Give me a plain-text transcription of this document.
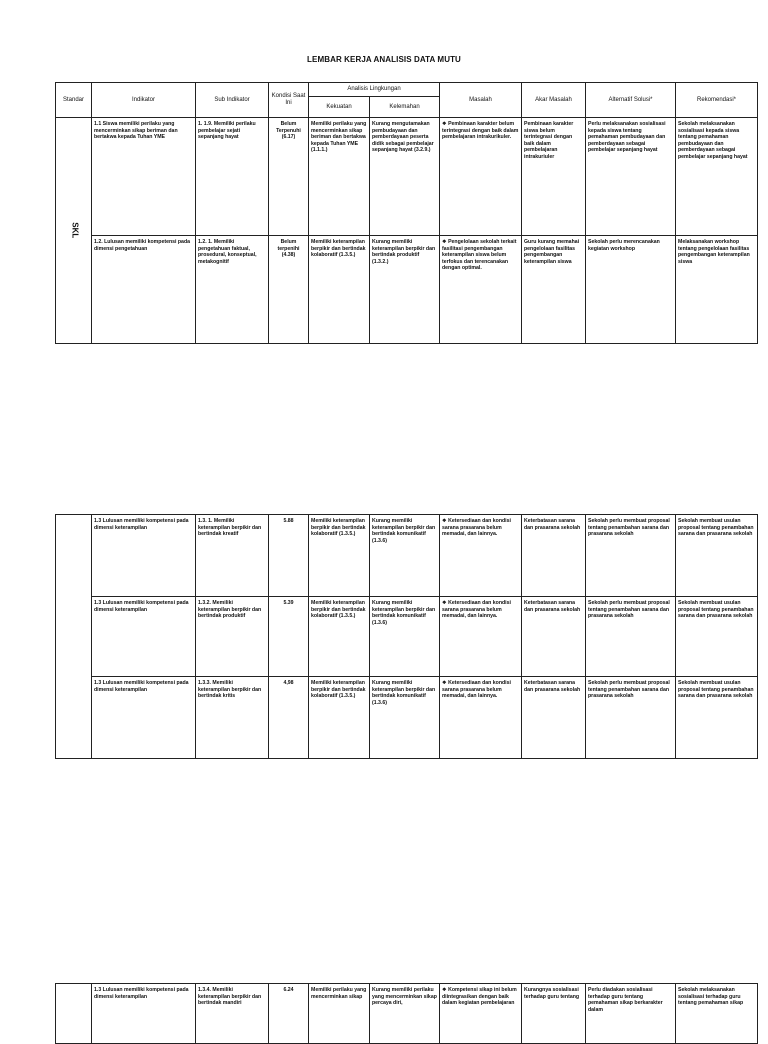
LEMBAR KERJA ANALISIS DATA MUTU
Standar	Indikator	Sub Indikator	Kondisi Saat Ini	Analisis Lingkungan		Masalah	Akar Masalah	Alternatif Solusi*	Rekomendasi*
				Kekuatan	Kelemahan				
SKL	1.1 Siswa memiliki perilaku yang mencerminkan sikap beriman dan bertakwa kepada Tuhan YME	1. 1.9. Memiliki perilaku pembelajar sejati sepanjang hayat	Belum Terpenuhi (6.17)	Memiliki perilaku yang mencerminkan sikap beriman dan bertakwa kepada Tuhan YME (1.1.1.)	Kurang mengutamakan pembudayaan dan pemberdayaan peserta didik sebagai pembelajar sepanjang hayat (3.2.9.)	❖ Pembinaan karakter belum terintegrasi dengan baik dalam pembelajaran intrakurikuler.	Pembinaan karakter siswa belum terintegrasi dengan baik dalam pembelajaran intrakuriuler	Perlu melaksanakan sosialisasi kepada siswa tentang pemahaman pembudayaan dan pemberdayaan sebagai pembelajar sepanjang hayat	Sekolah melaksanakan sosialisasi kepada siswa tentang pemahaman pembudayaan dan pemberdayaan sebagai pembelajar sepanjang hayat
	1.2. Lulusan memiliki kompetensi pada dimensi pengetahuan	1.2. 1. Memiliki pengetahuan faktual, prosedural, konseptual, metakognitif	Belum terpenihi (4.38)	Memiliki keterampilan berpikir dan bertindak kolaboratif (1.3.5.)	Kurang memiliki keterampilan berpikir dan bertindak produktif (1.3.2.)	❖ Pengelolaan sekolah terkait fasilitasi pengembangan keterampilan siswa belum terfokus dan terencanakan dengan optimal.	Guru kurang memahai pengelolaan fasilitas pengembangan keterampilan siswa	Sekolah perlu merencanakan kegiatan workshop	Melaksanakan workshop tentang pengelolaan fasilitas pengembangan keterampilan siswa
	1.3 Lulusan memiliki kompetensi pada dimensi keterampilan	1.3. 1. Memiliki keterampilan berpikir dan bertindak kreatif	5.88	Memiliki keterampilan berpikir dan bertindak kolaboratif (1.3.5.)	Kurang memiliki keterampilan berpikir dan bertindak komunikatif (1.3.6)	❖ Ketersediaan dan kondisi sarana prasarana belum memadai, dan lainnya.	Keterbatasan sarana dan prasarana sekolah	Sekolah perlu membuat proposal tentang penambahan sarana dan prasarana sekolah	Sekolah membuat usulan proposal tentang penambahan sarana dan prasarana sekolah
	1.3 Lulusan memiliki kompetensi pada dimensi keterampilan	1.3.2. Memiliki keterampilan berpikir dan bertindak produktif	5.39	Memiliki keterampilan berpikir dan bertindak kolaboratif (1.3.5.)	Kurang memiliki keterampilan berpikir dan bertindak komunikatif (1.3.6)	❖ Ketersediaan dan kondisi sarana prasarana belum memadai, dan lainnya.	Keterbatasan sarana dan prasarana sekolah	Sekolah perlu membuat proposal tentang penambahan sarana dan prasarana sekolah	Sekolah membuat usulan proposal tentang penambahan sarana dan prasarana sekolah
	1.3 Lulusan memiliki kompetensi pada dimensi keterampilan	1.3.3. Memiliki keterampilan berpikir dan bertindak kritis	4,98	Memiliki keterampilan berpikir dan bertindak kolaboratif (1.3.5.)	Kurang memiliki keterampilan berpikir dan bertindak komunikatif (1.3.6)	❖ Ketersediaan dan kondisi sarana prasarana belum memadai, dan lainnya.	Keterbatasan sarana dan prasarana sekolah	Sekolah perlu membuat proposal tentang penambahan sarana dan prasarana sekolah	Sekolah membuat usulan proposal tentang penambahan sarana dan prasarana sekolah
	1.3 Lulusan memiliki kompetensi pada dimensi keterampilan	1.3.4. Memiliki keterampilan berpikir dan bertindak mandiri	6.24	Memiliki perilaku yang mencerminkan sikap	Kurang memiliki perilaku yang mencerminkan sikap percaya diri,	❖ Kompetensi sikap ini belum diintegrasikan dengan baik dalam kegiatan pembelajaran	Kurangnya sosialisasi terhadap guru tentang	Perlu diadakan sosialisasi terhadap guru tentang pemahaman sikap berkarakter dalam	Sekolah melaksanakan sosialisasi terhadap guru tentang pemahaman sikap
